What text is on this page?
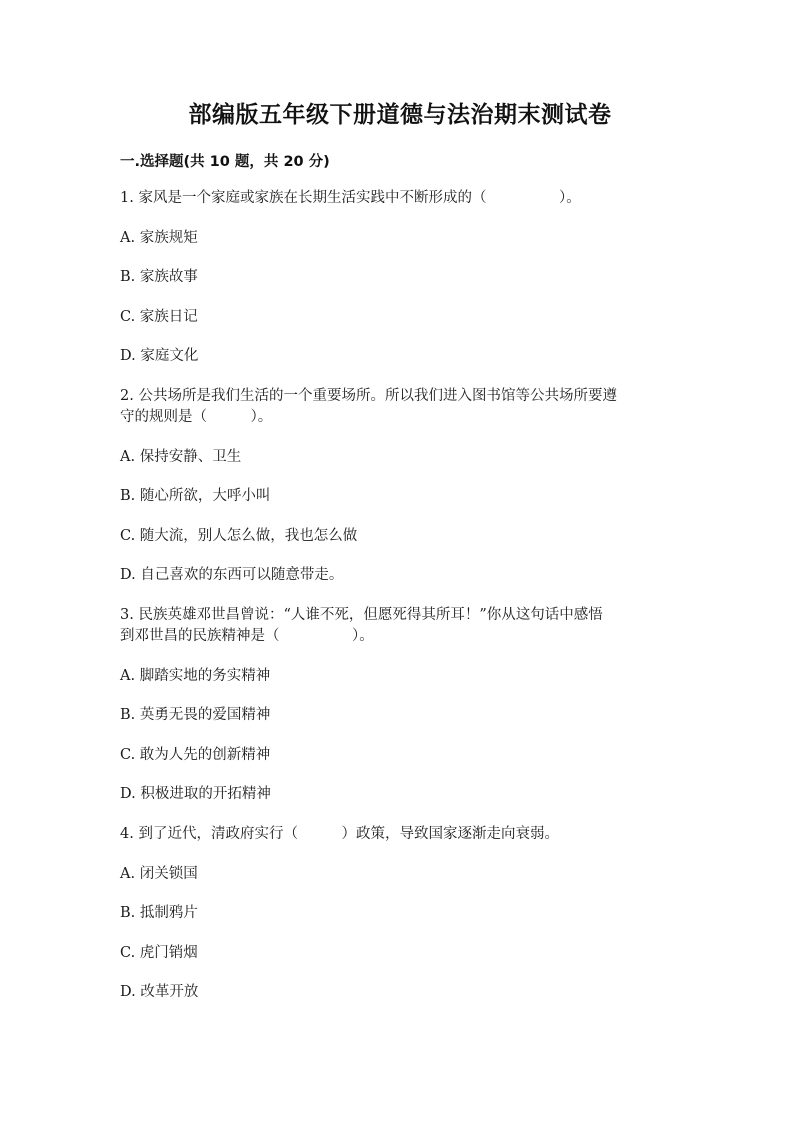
部编版五年级下册道德与法治期末测试卷
一.选择题(共 10 题，共 20 分)
1. 家风是一个家庭或家族在长期生活实践中不断形成的（　　　　　）。
A. 家族规矩
B. 家族故事
C. 家族日记
D. 家庭文化
2. 公共场所是我们生活的一个重要场所。所以我们进入图书馆等公共场所要遵
守的规则是（　　　）。
A. 保持安静、卫生
B. 随心所欲，大呼小叫
C. 随大流，别人怎么做，我也怎么做
D. 自己喜欢的东西可以随意带走。
3. 民族英雄邓世昌曾说：“人谁不死，但愿死得其所耳！”你从这句话中感悟
到邓世昌的民族精神是（　　　　　）。
A. 脚踏实地的务实精神
B. 英勇无畏的爱国精神
C. 敢为人先的创新精神
D. 积极进取的开拓精神
4. 到了近代，清政府实行（　　　）政策，导致国家逐渐走向衰弱。
A. 闭关锁国
B. 抵制鸦片
C. 虎门销烟
D. 改革开放
